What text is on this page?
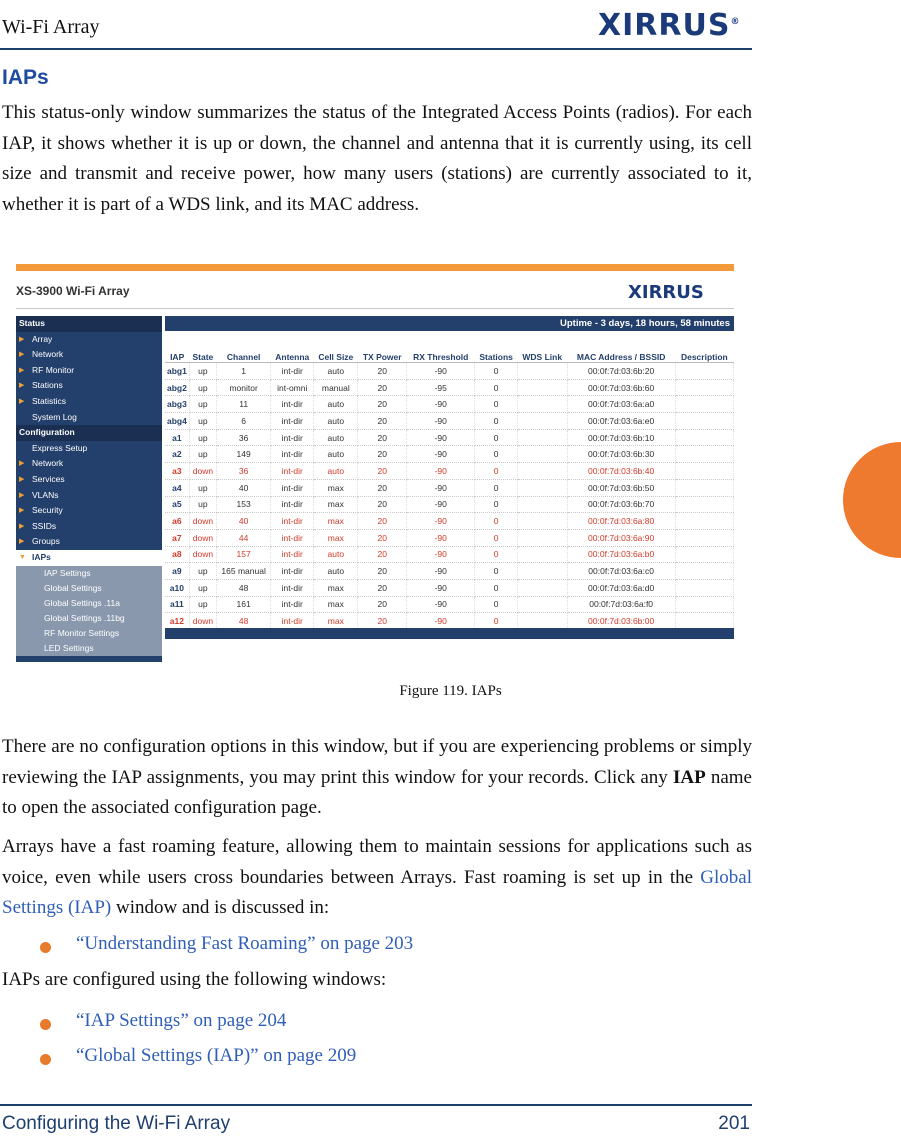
Wi-Fi Array	XIRRUS®
IAPs
This status-only window summarizes the status of the Integrated Access Points (radios). For each IAP, it shows whether it is up or down, the channel and antenna that it is currently using, its cell size and transmit and receive power, how many users (stations) are currently associated to it, whether it is part of a WDS link, and its MAC address.
XS-3900 Wi-Fi Array	XIRRUS
Status
▶ Array
▶ Network
▶ RF Monitor
▶ Stations
▶ Statistics
System Log
Configuration
Express Setup
▶ Network
▶ Services
▶ VLANs
▶ Security
▶ SSIDs
▶ Groups
▼ IAPs
IAP Settings
Global Settings
Global Settings .11a
Global Settings .11bg
RF Monitor Settings
LED Settings
Uptime - 3 days, 18 hours, 58 minutes
IAP	State	Channel	Antenna	Cell Size	TX Power	RX Threshold	Stations	WDS Link	MAC Address / BSSID	Description
abg1	up	1	int-dir	auto	20	-90	0		00:0f:7d:03:6b:20	
abg2	up	monitor	int-omni	manual	20	-95	0		00:0f:7d:03:6b:60	
abg3	up	11	int-dir	auto	20	-90	0		00:0f:7d:03:6a:a0	
abg4	up	6	int-dir	auto	20	-90	0		00:0f:7d:03:6a:e0	
a1	up	36	int-dir	auto	20	-90	0		00:0f:7d:03:6b:10	
a2	up	149	int-dir	auto	20	-90	0		00:0f:7d:03:6b:30	
a3	down	36	int-dir	auto	20	-90	0		00:0f:7d:03:6b:40	
a4	up	40	int-dir	max	20	-90	0		00:0f:7d:03:6b:50	
a5	up	153	int-dir	max	20	-90	0		00:0f:7d:03:6b:70	
a6	down	40	int-dir	max	20	-90	0		00:0f:7d:03:6a:80	
a7	down	44	int-dir	max	20	-90	0		00:0f:7d:03:6a:90	
a8	down	157	int-dir	auto	20	-90	0		00:0f:7d:03:6a:b0	
a9	up	165 manual	int-dir	auto	20	-90	0		00:0f:7d:03:6a:c0	
a10	up	48	int-dir	max	20	-90	0		00:0f:7d:03:6a:d0	
a11	up	161	int-dir	max	20	-90	0		00:0f:7d:03:6a:f0	
a12	down	48	int-dir	max	20	-90	0		00:0f:7d:03:6b:00	
Figure 119. IAPs
There are no configuration options in this window, but if you are experiencing problems or simply reviewing the IAP assignments, you may print this window for your records. Click any IAP name to open the associated configuration page.
Arrays have a fast roaming feature, allowing them to maintain sessions for applications such as voice, even while users cross boundaries between Arrays. Fast roaming is set up in the Global Settings (IAP) window and is discussed in:
“Understanding Fast Roaming” on page 203
IAPs are configured using the following windows:
“IAP Settings” on page 204
“Global Settings (IAP)” on page 209
Configuring the Wi-Fi Array	201
